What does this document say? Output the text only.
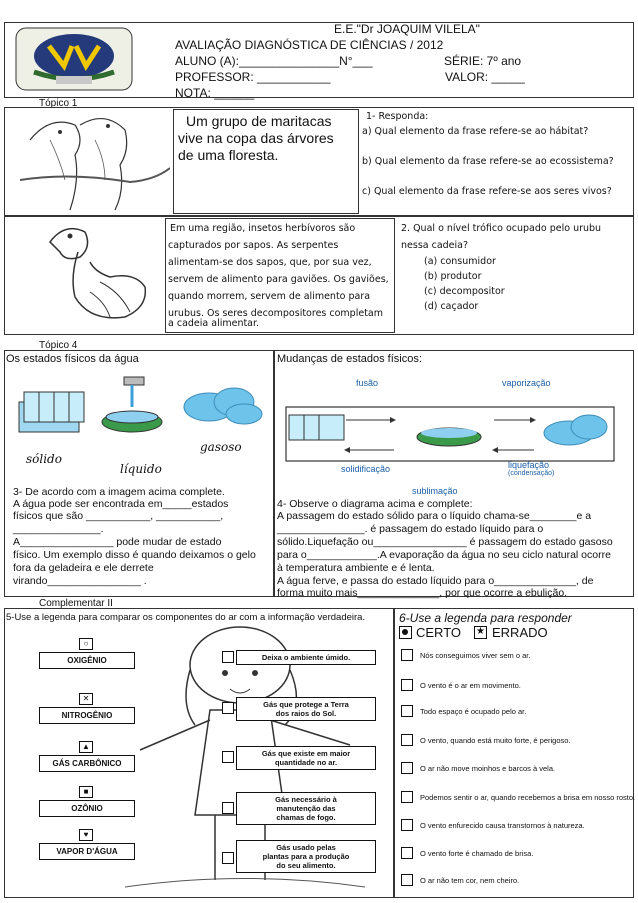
E.E."Dr JOAQUIM VILELA"
AVALIAÇÃO DIAGNÓSTICA DE CIÊNCIAS / 2012
ALUNO (A):_______________N°___	SÉRIE: 7º ano
PROFESSOR: ___________	VALOR: _____
NOTA: ______
Tópico 1
Um grupo de maritacas
vive na copa das árvores
de uma floresta.
1- Responda:
a) Qual elemento da frase refere-se ao hábitat?
b) Qual elemento da frase refere-se ao ecossistema?
c) Qual elemento da frase refere-se aos seres vivos?
Em uma região, insetos herbívoros são
capturados por sapos. As serpentes
alimentam-se dos sapos, que, por sua vez,
servem de alimento para gaviões. Os gaviões,
quando morrem, servem de alimento para
urubus. Os seres decompositores completam
a cadeia alimentar.
2. Qual o nível trófico ocupado pelo urubu
nessa cadeia?
(a) consumidor
(b) produtor
(c) decompositor
(d) caçador
Tópico 4
Os estados físicos da água	Mudanças de estados físicos:
sólido
líquido
gasoso
fusão	vaporização
solidificação	liquefação
(condensação)
sublimação
3- De acordo com a imagem acima complete.
A água pode ser encontrada em_____estados
físicos que são ___________, ___________,
_______________.
A________________ pode mudar de estado
físico. Um exemplo disso é quando deixamos o gelo
fora da geladeira e ele derrete
virando________________ .
4- Observe o diagrama acima e complete:
A passagem do estado sólido para o líquido chama-se________e a
_______________. é passagem do estado líquido para o
sólido.Liquefação ou________________ é passagem do estado gasoso
para o____________.A evaporação da água no seu ciclo natural ocorre
à temperatura ambiente e é lenta.
A água ferve, e passa do estado líquido para o______________, de
forma muito mais______________, por que ocorre a ebulição.
Complementar II
5-Use a legenda para comparar os componentes do ar com a informação verdadeira.
○
OXIGÊNIO
✕
NITROGÊNIO
▲
GÁS CARBÔNICO
■
OZÔNIO
♥
VAPOR D'ÁGUA
Deixa o ambiente úmido.
Gás que protege a Terra
dos raios do Sol.
Gás que existe em maior
quantidade no ar.
Gás necessário à
manutenção das
chamas de fogo.
Gás usado pelas
plantas para a produção
do seu alimento.
6-Use a legenda para responder
CERTO ★ ERRADO
Nós conseguimos viver sem o ar.
O vento é o ar em movimento.
Todo espaço é ocupado pelo ar.
O vento, quando está muito forte, é perigoso.
O ar não move moinhos e barcos à vela.
Podemos sentir o ar, quando recebemos a brisa em nosso rosto.
O vento enfurecido causa transtornos à natureza.
O vento forte é chamado de brisa.
O ar não tem cor, nem cheiro.
